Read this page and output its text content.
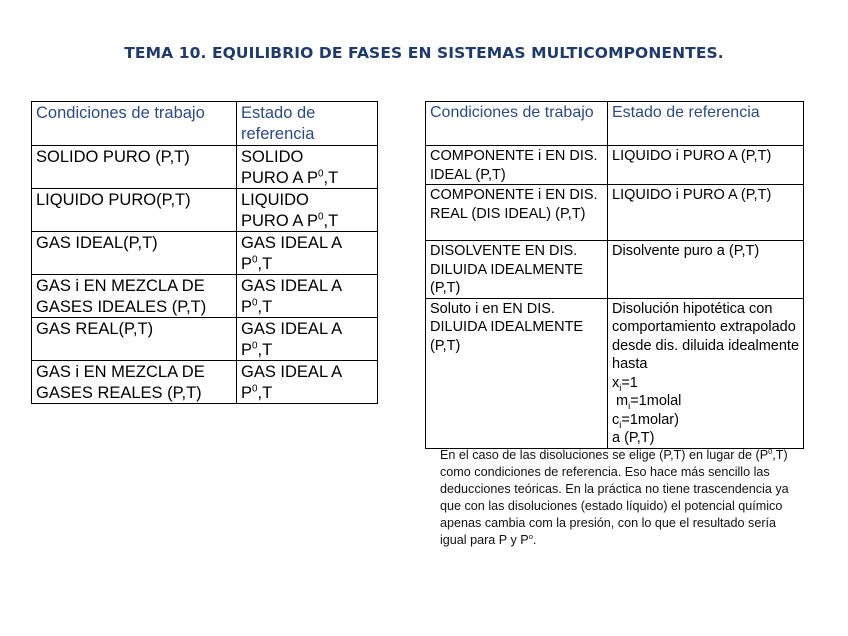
TEMA 10. EQUILIBRIO DE FASES EN SISTEMAS MULTICOMPONENTES.
Condiciones de trabajo	Estado de referencia
SOLIDO PURO (P,T)	SOLIDO
PURO A $P^0,T$
LIQUIDO PURO(P,T)	LIQUIDO
PURO A $P^0,T$
GAS IDEAL(P,T)	GAS IDEAL A
$P^0,T$
GAS i EN MEZCLA DE GASES IDEALES (P,T)	GAS IDEAL A
$P^0,T$
GAS REAL(P,T)	GAS IDEAL A
$P^0,T$
GAS i EN MEZCLA DE GASES REALES (P,T)	GAS IDEAL A
$P^0,T$
Condiciones de trabajo	Estado de referencia
COMPONENTE i EN DIS. IDEAL (P,T)	LIQUIDO i PURO A (P,T)
COMPONENTE i EN DIS. REAL (DIS IDEAL) (P,T)	LIQUIDO i PURO A (P,T)
DISOLVENTE EN DIS. DILUIDA IDEALMENTE (P,T)	Disolvente puro a (P,T)
Soluto i en EN DIS. DILUIDA IDEALMENTE (P,T)	Disolución hipotética con comportamiento extrapolado desde dis. diluida idealmente hasta
$x_i=1$
$m_i=1molal$
$c_i=1molar$)
a (P,T)
En el caso de las disoluciones se elige (P,T) en lugar de $(P^0,T)$ como condiciones de referencia. Eso hace más sencillo las deducciones teóricas. En la práctica no tiene trascendencia ya que con las disoluciones (estado líquido) el potencial químico apenas cambia com la presión, con lo que el resultado sería igual para P y $P^o$.
